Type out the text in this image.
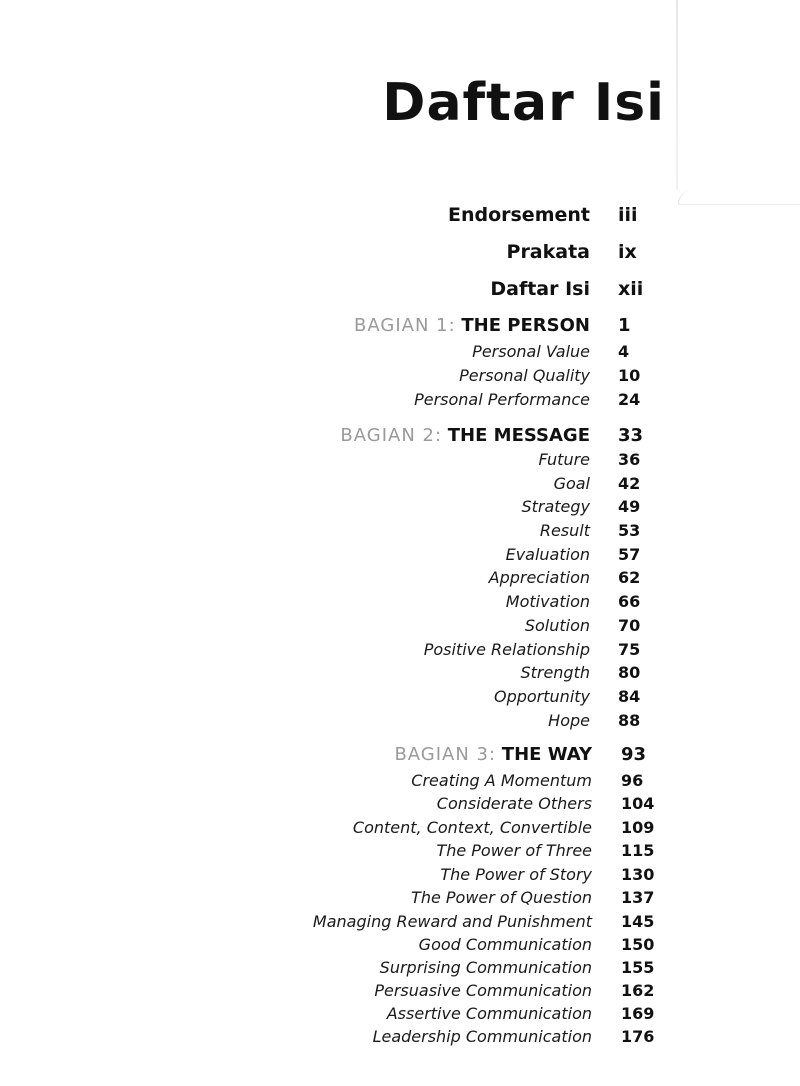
Daftar Isi
Endorsement iii
Prakata ix
Daftar Isi xii
BAGIAN 1: THE PERSON 1
Personal Value 4
Personal Quality 10
Personal Performance 24
BAGIAN 2: THE MESSAGE 33
Future 36
Goal 42
Strategy 49
Result 53
Evaluation 57
Appreciation 62
Motivation 66
Solution 70
Positive Relationship 75
Strength 80
Opportunity 84
Hope 88
BAGIAN 3: THE WAY 93
Creating A Momentum 96
Considerate Others 104
Content, Context, Convertible 109
The Power of Three 115
The Power of Story 130
The Power of Question 137
Managing Reward and Punishment 145
Good Communication 150
Surprising Communication 155
Persuasive Communication 162
Assertive Communication 169
Leadership Communication 176
